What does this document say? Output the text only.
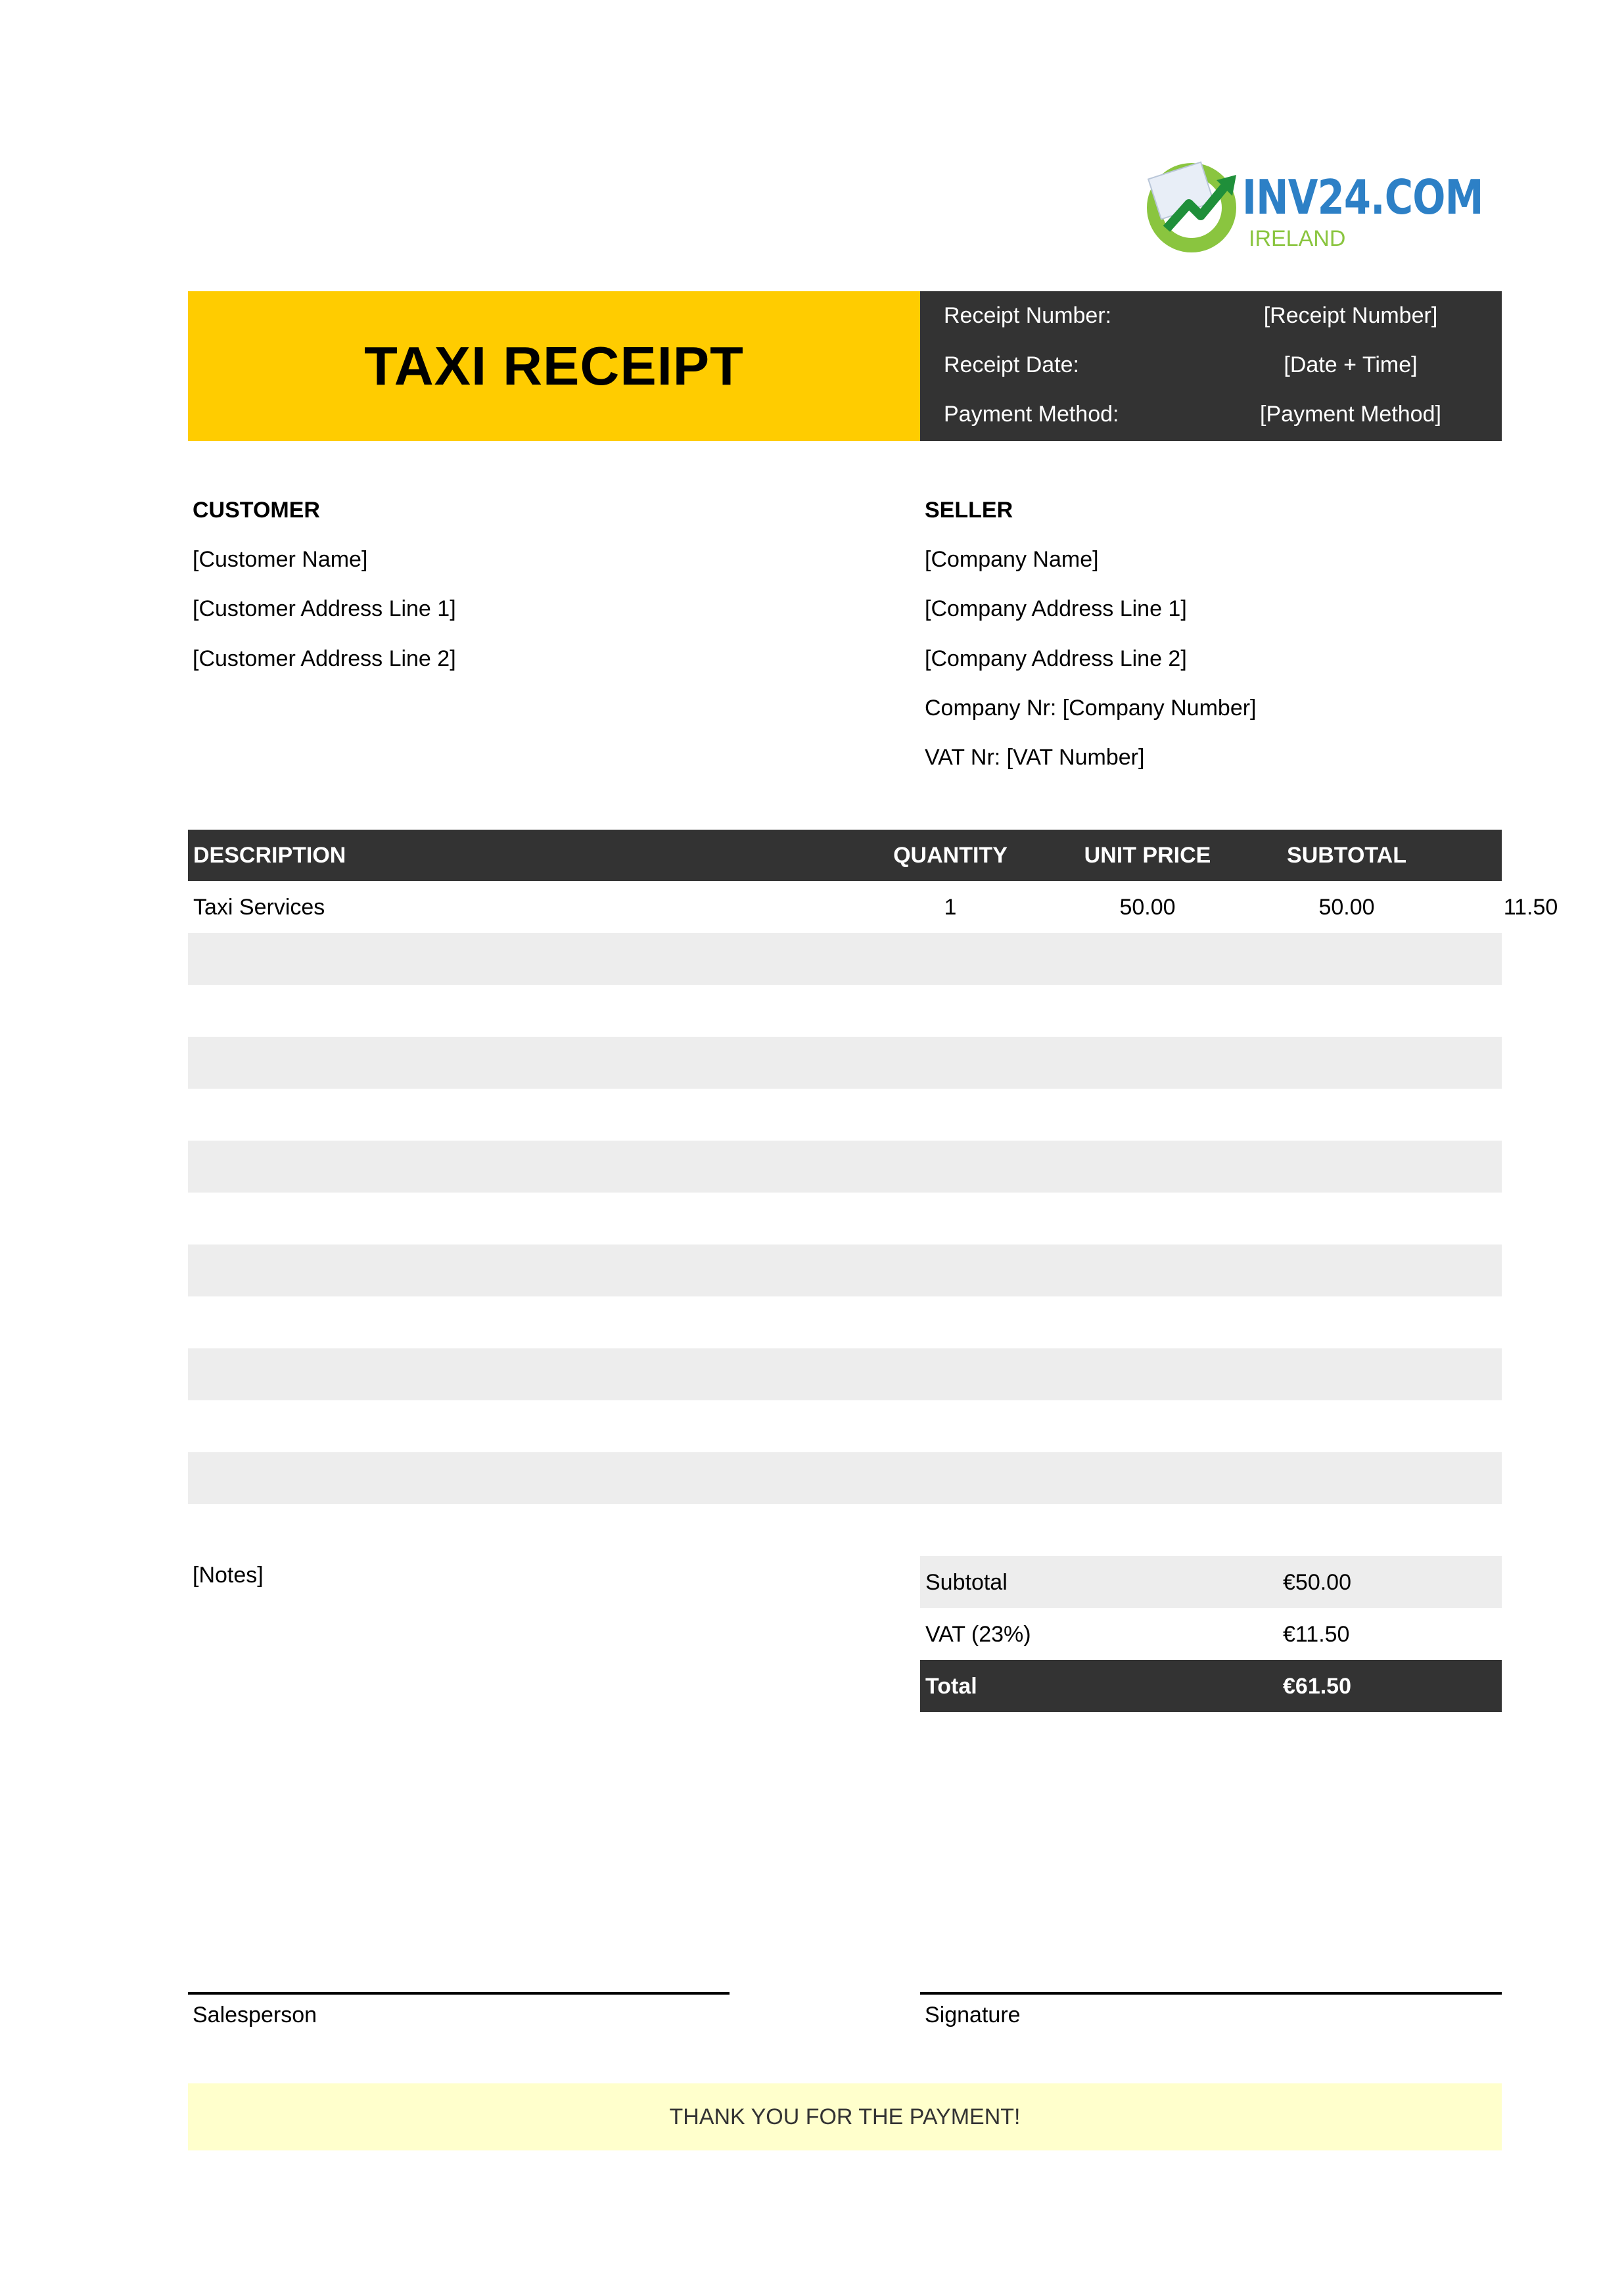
INV24.COM
IRELAND
TAXI RECEIPT
Receipt Number:	[Receipt Number]
Receipt Date:	[Date + Time]
Payment Method:	[Payment Method]
CUSTOMER
[Customer Name]
[Customer Address Line 1]
[Customer Address Line 2]
SELLER
[Company Name]
[Company Address Line 1]
[Company Address Line 2]
Company Nr: [Company Number]
VAT Nr: [VAT Number]
DESCRIPTION	QUANTITY	UNIT PRICE	SUBTOTAL	VAT
Taxi Services	1	50.00	50.00	11.50
[Notes]	Subtotal	€50.00
VAT (23%)	€11.50
Total	€61.50
Salesperson	Signature
THANK YOU FOR THE PAYMENT!
